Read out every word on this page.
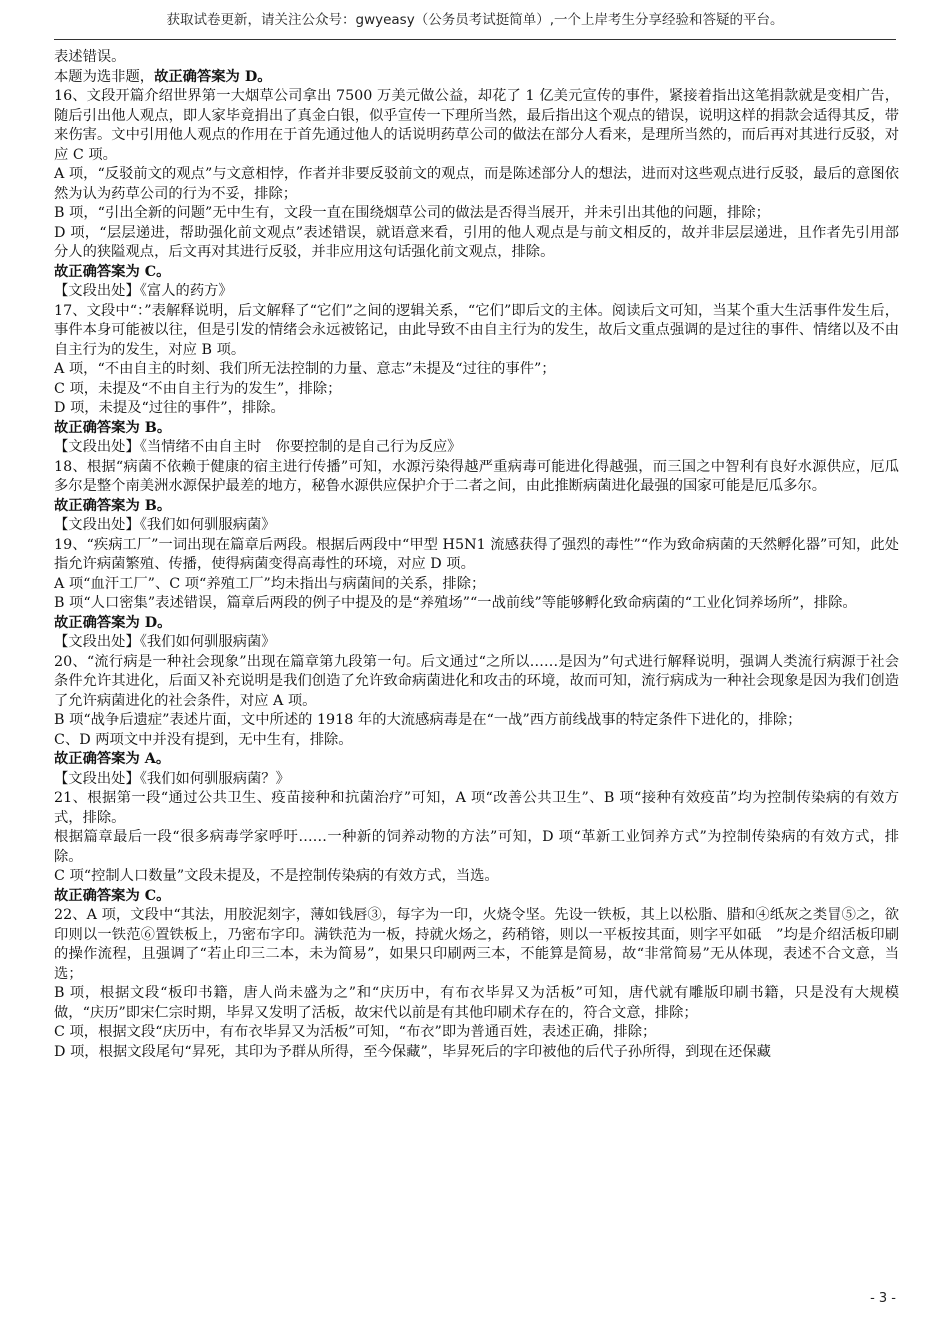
获取试卷更新，请关注公众号：gwyeasy（公务员考试挺简单）,一个上岸考生分享经验和答疑的平台。

表述错误。

本题为选非题，故正确答案为 D。

16、文段开篇介绍世界第一大烟草公司拿出 7500 万美元做公益，却花了 1 亿美元宣传的事件，紧接着指出这笔捐款就是变相广告，随后引出他人观点，即人家毕竟捐出了真金白银，似乎宣传一下理所当然，最后指出这个观点的错误，说明这样的捐款会适得其反，带来伤害。文中引用他人观点的作用在于首先通过他人的话说明药草公司的做法在部分人看来，是理所当然的，而后再对其进行反驳，对应 C 项。

A 项，“反驳前文的观点”与文意相悖，作者并非要反驳前文的观点，而是陈述部分人的想法，进而对这些观点进行反驳，最后的意图依然为认为药草公司的行为不妥，排除；

B 项，“引出全新的问题”无中生有，文段一直在围绕烟草公司的做法是否得当展开，并未引出其他的问题，排除；

D 项，“层层递进，帮助强化前文观点”表述错误，就语意来看，引用的他人观点是与前文相反的，故并非层层递进，且作者先引用部分人的狭隘观点，后文再对其进行反驳，并非应用这句话强化前文观点，排除。

故正确答案为 C。

【文段出处】《富人的药方》

17、文段中“：”表解释说明，后文解释了“它们”之间的逻辑关系，“它们”即后文的主体。阅读后文可知，当某个重大生活事件发生后，事件本身可能被以往，但是引发的情绪会永远被铭记，由此导致不由自主行为的发生，故后文重点强调的是过往的事件、情绪以及不由自主行为的发生，对应 B 项。

A 项，“不由自主的时刻、我们所无法控制的力量、意志”未提及“过往的事件”；

C 项，未提及“不由自主行为的发生”，排除；

D 项，未提及“过往的事件”，排除。

故正确答案为 B。

【文段出处】《当情绪不由自主时　你要控制的是自己行为反应》

18、根据“病菌不依赖于健康的宿主进行传播”可知，水源污染得越严重病毒可能进化得越强，而三国之中智利有良好水源供应，厄瓜多尔是整个南美洲水源保护最差的地方，秘鲁水源供应保护介于二者之间，由此推断病菌进化最强的国家可能是厄瓜多尔。

故正确答案为 B。

【文段出处】《我们如何驯服病菌》

19、“疾病工厂”一词出现在篇章后两段。根据后两段中“甲型 H5N1 流感获得了强烈的毒性”“作为致命病菌的天然孵化器”可知，此处指允许病菌繁殖、传播，使得病菌变得高毒性的环境，对应 D 项。

A 项“血汗工厂”、C 项“养殖工厂”均未指出与病菌间的关系，排除；

B 项“人口密集”表述错误，篇章后两段的例子中提及的是“养殖场”“一战前线”等能够孵化致命病菌的“工业化饲养场所”，排除。

故正确答案为 D。

【文段出处】《我们如何驯服病菌》

20、“流行病是一种社会现象”出现在篇章第九段第一句。后文通过“之所以……是因为”句式进行解释说明，强调人类流行病源于社会条件允许其进化，后面又补充说明是我们创造了允许致命病菌进化和攻击的环境，故而可知，流行病成为一种社会现象是因为我们创造了允许病菌进化的社会条件，对应 A 项。

B 项“战争后遗症”表述片面，文中所述的 1918 年的大流感病毒是在“一战”西方前线战事的特定条件下进化的，排除；

C、D 两项文中并没有提到，无中生有，排除。

故正确答案为 A。

【文段出处】《我们如何驯服病菌？》

21、根据第一段“通过公共卫生、疫苗接种和抗菌治疗”可知，A 项“改善公共卫生”、B 项“接种有效疫苗”均为控制传染病的有效方式，排除。

根据篇章最后一段“很多病毒学家呼吁……一种新的饲养动物的方法”可知，D 项“革新工业饲养方式”为控制传染病的有效方式，排除。

C 项“控制人口数量”文段未提及，不是控制传染病的有效方式，当选。

故正确答案为 C。

22、A 项，文段中“其法，用胶泥刻字，薄如钱唇③，每字为一印，火烧令坚。先设一铁板，其上以松脂、腊和④纸灰之类冒⑤之，欲印则以一铁范⑥置铁板上，乃密布字印。满铁范为一板，持就火炀之，药稍镕，则以一平板按其面，则字平如砥　”均是介绍活板印刷的操作流程，且强调了“若止印三二本，未为简易”，如果只印刷两三本，不能算是简易，故“非常简易”无从体现，表述不合文意，当选；

B 项，根据文段“板印书籍，唐人尚未盛为之”和“庆历中，有布衣毕昇又为活板”可知，唐代就有雕版印刷书籍，只是没有大规模做，“庆历”即宋仁宗时期，毕昇又发明了活板，故宋代以前是有其他印刷术存在的，符合文意，排除；

C 项，根据文段“庆历中，有布衣毕昇又为活板”可知，“布衣”即为普通百姓，表述正确，排除；

D 项，根据文段尾句“昇死，其印为予群从所得，至今保藏”，毕昇死后的字印被他的后代子孙所得，到现在还保藏

- 3 -
